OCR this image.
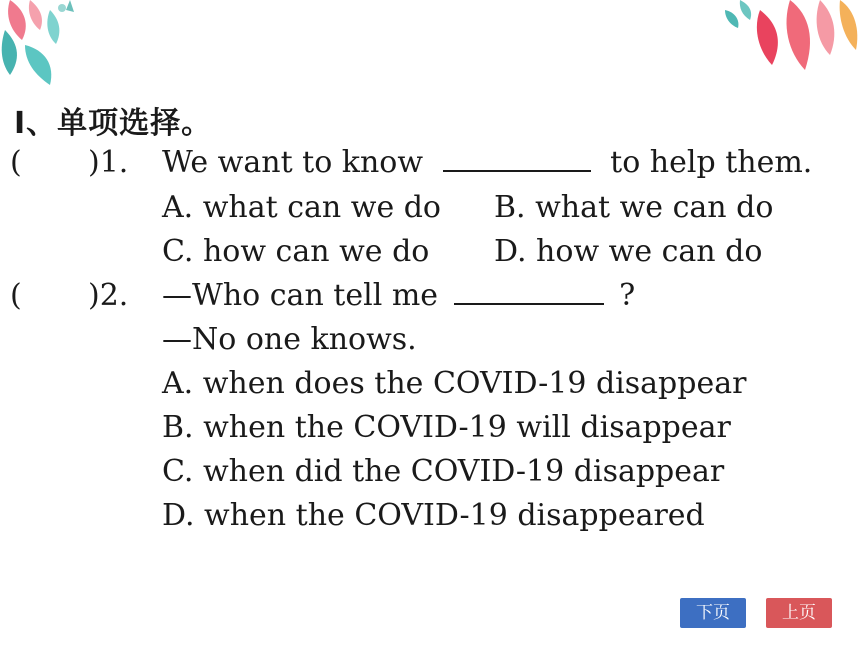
Ⅰ、单项选择。
( )1. We want to know	to help them.
A. what can we do B. what we can do
C. how can we do D. how we can do
( )2. —Who can tell me	?
—No one knows.
A. when does the COVID-19 disappear
B. when the COVID-19 will disappear
C. when did the COVID-19 disappear
D. when the COVID-19 disappeared
下页	上页
